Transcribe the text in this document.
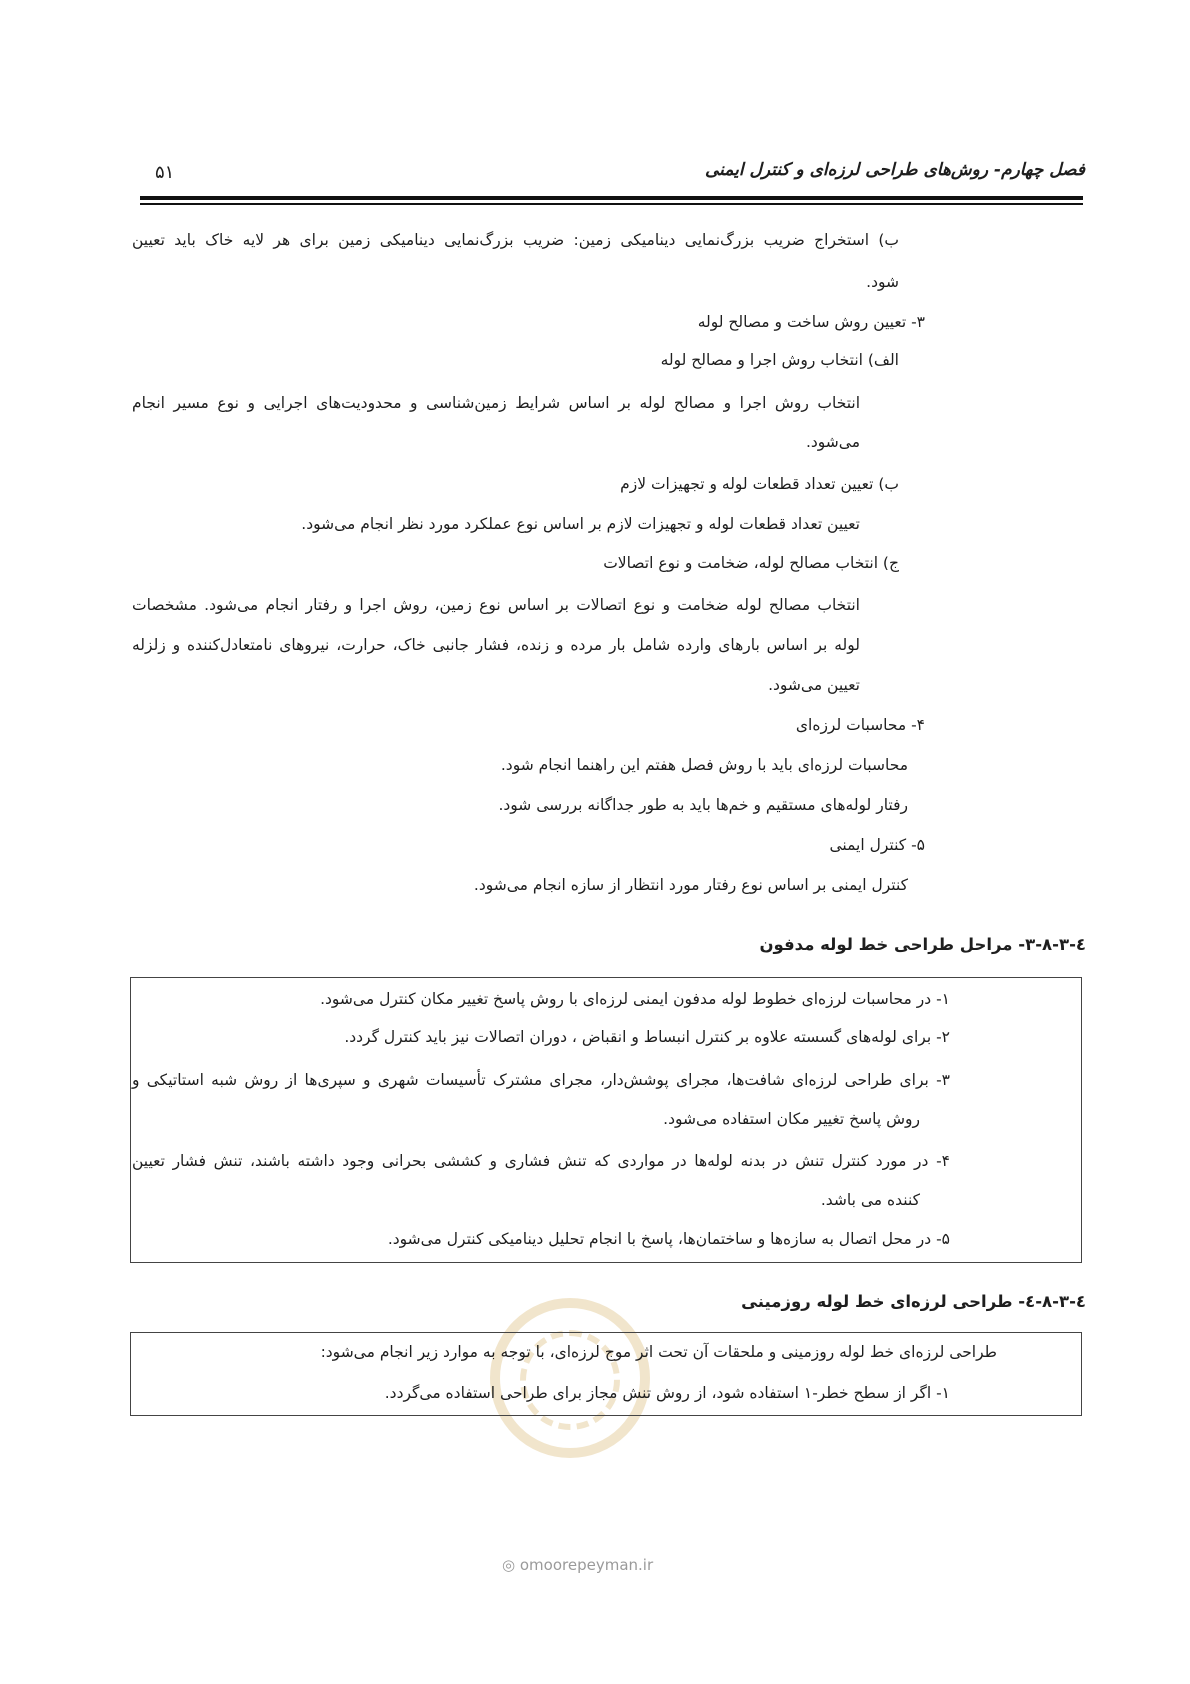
فصل چهارم- روش‌های طراحی لرزه‌ای و کنترل ایمنی
۵۱
ب) استخراج ضریب بزرگ‌نمایی دینامیکی زمین: ضریب بزرگ‌نمایی دینامیکی زمین برای هر لایه خاک باید تعیین
شود.
۳- تعیین روش ساخت و مصالح لوله
الف) انتخاب روش اجرا و مصالح لوله
انتخاب روش اجرا و مصالح لوله بر اساس شرایط زمین‌شناسی و محدودیت‌های اجرایی و نوع مسیر انجام
می‌شود.
ب) تعیین تعداد قطعات لوله و تجهیزات لازم
تعیین تعداد قطعات لوله و تجهیزات لازم بر اساس نوع عملکرد مورد نظر انجام می‌شود.
ج) انتخاب مصالح لوله، ضخامت و نوع اتصالات
انتخاب مصالح لوله ضخامت و نوع اتصالات بر اساس نوع زمین، روش اجرا و رفتار انجام می‌شود. مشخصات
لوله بر اساس بارهای وارده شامل بار مرده و زنده، فشار جانبی خاک، حرارت، نیروهای نامتعادل‌کننده و زلزله
تعیین می‌شود.
۴- محاسبات لرزه‌ای
محاسبات لرزه‌ای باید با روش فصل هفتم این راهنما انجام شود.
رفتار لوله‌های مستقیم و خم‌ها باید به طور جداگانه بررسی شود.
۵- کنترل ایمنی
کنترل ایمنی بر اساس نوع رفتار مورد انتظار از سازه انجام می‌شود.
٤-٣-٨-٣- مراحل طراحی خط لوله مدفون
۱- در محاسبات لرزه‌ای خطوط لوله مدفون ایمنی لرزه‌ای با روش پاسخ تغییر مکان کنترل می‌شود.
۲- برای لوله‌های گسسته علاوه بر کنترل انبساط و انقباض ، دوران اتصالات نیز باید کنترل گردد.
۳- برای طراحی لرزه‌ای شافت‌ها، مجرای پوشش‌دار، مجرای مشترک تأسیسات شهری و سپری‌ها از روش شبه استاتیکی و
روش پاسخ تغییر مکان استفاده می‌شود.
۴- در مورد کنترل تنش در بدنه لوله‌ها در مواردی که تنش فشاری و کششی بحرانی وجود داشته باشند، تنش فشار تعیین
کننده می باشد.
۵- در محل اتصال به سازه‌ها و ساختمان‌ها، پاسخ با انجام تحلیل دینامیکی کنترل می‌شود.
٤-٣-٨-٤- طراحی لرزه‌ای خط لوله روزمینی
طراحی لرزه‌ای خط لوله روزمینی و ملحقات آن تحت اثر موج لرزه‌ای، با توجه به موارد زیر انجام می‌شود:
۱- اگر از سطح خطر-۱ استفاده شود، از روش تنش مجاز برای طراحی استفاده می‌گردد.
◎ omoorepeyman.ir
